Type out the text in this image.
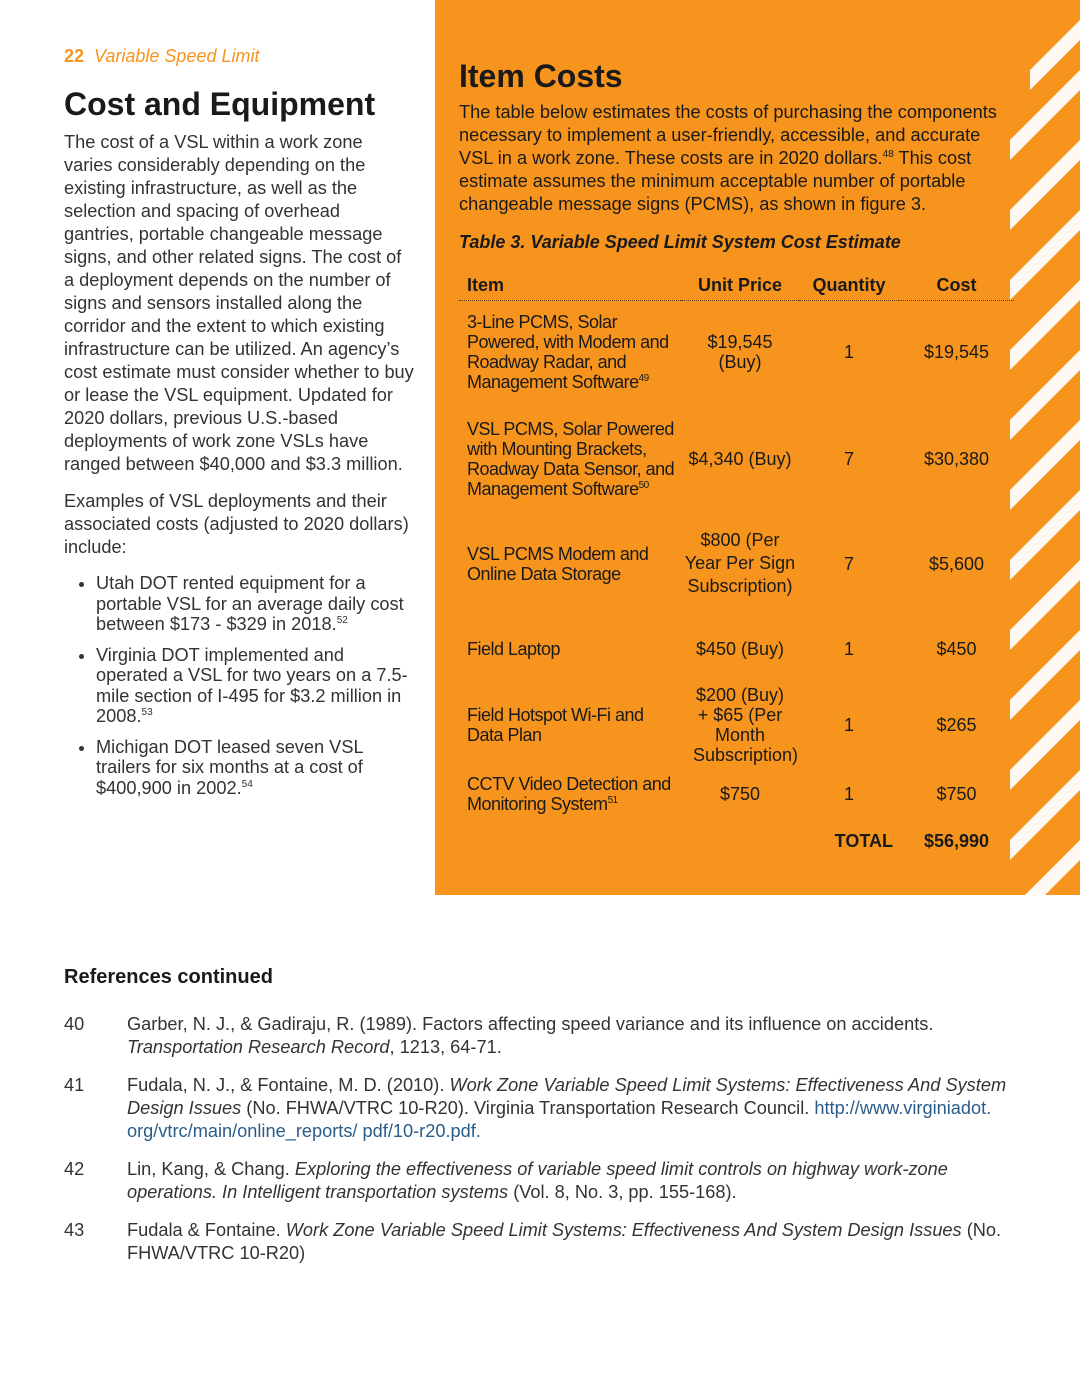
22 Variable Speed Limit
Cost and Equipment

The cost of a VSL within a work zone varies considerably depending on the existing infrastructure, as well as the selection and spacing of overhead gantries, portable changeable message signs, and other related signs. The cost of a deployment depends on the number of signs and sensors installed along the corridor and the extent to which existing infrastructure can be utilized. An agency’s cost estimate must consider whether to buy or lease the VSL equipment. Updated for 2020 dollars, previous U.S.-based deployments of work zone VSLs have ranged between $40,000 and $3.3 million.

Examples of VSL deployments and their associated costs (adjusted to 2020 dollars) include:

• Utah DOT rented equipment for a portable VSL for an average daily cost between $173 - $329 in 2018.52
• Virginia DOT implemented and operated a VSL for two years on a 7.5-mile section of I-495 for $3.2 million in 2008.53
• Michigan DOT leased seven VSL trailers for six months at a cost of $400,900 in 2002.54
Item Costs

The table below estimates the costs of purchasing the components necessary to implement a user-friendly, accessible, and accurate VSL in a work zone. These costs are in 2020 dollars.$^{48}$ This cost estimate assumes the minimum acceptable number of portable changeable message signs (PCMS), as shown in figure 3.

Table 3. Variable Speed Limit System Cost Estimate
Item	Unit Price	Quantity	Cost
3-Line PCMS, Solar Powered, with Modem and Roadway Radar, and Management Software$^{49}$	$19,545 (Buy)	1	$19,545
VSL PCMS, Solar Powered with Mounting Brackets, Roadway Data Sensor, and Management Software$^{50}$	$4,340 (Buy)	7	$30,380
VSL PCMS Modem and Online Data Storage	$800 (Per Year Per Sign Subscription)	7	$5,600
Field Laptop	$450 (Buy)	1	$450
Field Hotspot Wi-Fi and Data Plan	$200 (Buy) + $65 (Per Month Subscription)	1	$265
CCTV Video Detection and Monitoring System$^{51}$	$750	1	$750
		TOTAL	$56,990
References continued
40	Garber, N. J., & Gadiraju, R. (1989). Factors affecting speed variance and its influence on accidents. Transportation Research Record, 1213, 64-71.
41	Fudala, N. J., & Fontaine, M. D. (2010). Work Zone Variable Speed Limit Systems: Effectiveness And System Design Issues (No. FHWA/VTRC 10-R20). Virginia Transportation Research Council. http://www.virginiadot. org/vtrc/main/online_reports/ pdf/10-r20.pdf.
42	Lin, Kang, & Chang. Exploring the effectiveness of variable speed limit controls on highway work-zone operations. In Intelligent transportation systems (Vol. 8, No. 3, pp. 155-168).
43	Fudala & Fontaine. Work Zone Variable Speed Limit Systems: Effectiveness And System Design Issues (No. FHWA/VTRC 10-R20)
